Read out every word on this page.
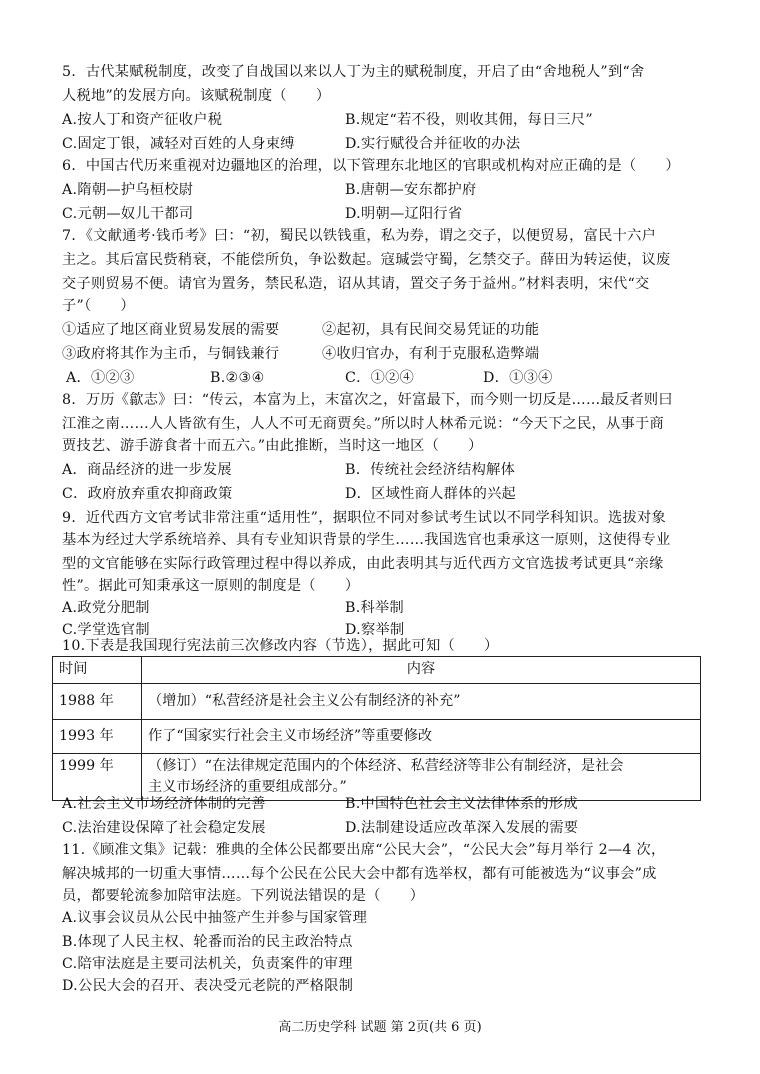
5．古代某赋税制度，改变了自战国以来以人丁为主的赋税制度，开启了由“舍地税人”到“舍
人税地”的发展方向。该赋税制度（　　）
A.按人丁和资产征收户税	B.规定“若不役，则收其佣，每日三尺”
C.固定丁银，减轻对百姓的人身束缚	D.实行赋役合并征收的办法
6．中国古代历来重视对边疆地区的治理，以下管理东北地区的官职或机构对应正确的是（　　）
A.隋朝—护乌桓校尉	B.唐朝—安东都护府
C.元朝—奴儿干都司	D.明朝—辽阳行省
7．《文献通考·钱币考》曰：“初，蜀民以铁钱重，私为券，谓之交子，以便贸易，富民十六户
主之。其后富民赀稍衰，不能偿所负，争讼数起。寇瑊尝守蜀，乞禁交子。薛田为转运使，议废
交子则贸易不便。请官为置务，禁民私造，诏从其请，置交子务于益州。”材料表明，宋代“交
子”（　　）
①适应了地区商业贸易发展的需要	②起初，具有民间交易凭证的功能
③政府将其作为主币，与铜钱兼行	④收归官办，有利于克服私造弊端
A．①②③	B.②③④	C．①②④	D．①③④
8．万历《歙志》曰：“传云，本富为上，末富次之，奸富最下，而今则一切反是……最反者则曰
江淮之南……人人皆欲有生，人人不可无商贾矣。”所以时人林希元说：“今天下之民，从事于商
贾技艺、游手游食者十而五六。”由此推断，当时这一地区（　　）
A．商品经济的进一步发展	B．传统社会经济结构解体
C．政府放弃重农抑商政策	D．区域性商人群体的兴起
9．近代西方文官考试非常注重“适用性”，据职位不同对参试考生试以不同学科知识。选拔对象
基本为经过大学系统培养、具有专业知识背景的学生……我国选官也秉承这一原则，这使得专业
型的文官能够在实际行政管理过程中得以养成，由此表明其与近代西方文官选拔考试更具“亲缘
性”。据此可知秉承这一原则的制度是（　　）
A.政党分肥制	B.科举制
C.学堂选官制	D.察举制
10.下表是我国现行宪法前三次修改内容（节选），据此可知（　　）
时间	内容
1988 年	（增加）“私营经济是社会主义公有制经济的补充”
1993 年	作了“国家实行社会主义市场经济”等重要修改
1999 年	（修订）“在法律规定范围内的个体经济、私营经济等非公有制经济，是社会
主义市场经济的重要组成部分。”
A.社会主义市场经济体制的完善	B.中国特色社会主义法律体系的形成
C.法治建设保障了社会稳定发展	D.法制建设适应改革深入发展的需要
11.《顾准文集》记载：雅典的全体公民都要出席“公民大会”，“公民大会”每月举行 2—4 次，
解决城邦的一切重大事情……每个公民在公民大会中都有选举权，都有可能被选为“议事会”成
员，都要轮流参加陪审法庭。下列说法错误的是（　　）
A.议事会议员从公民中抽签产生并参与国家管理
B.体现了人民主权、轮番而治的民主政治特点
C.陪审法庭是主要司法机关，负责案件的审理
D.公民大会的召开、表决受元老院的严格限制
高二历史学科 试题 第 2页(共 6 页)
